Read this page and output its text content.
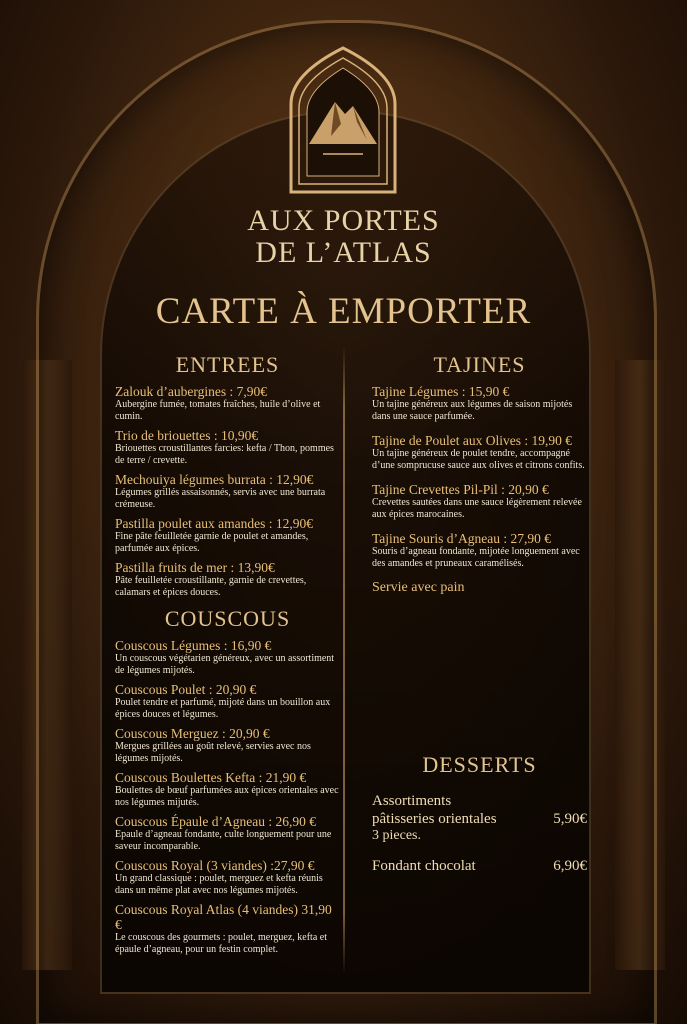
AUX PORTES
DE L’ATLAS
CARTE À EMPORTER
ENTREES
Zalouk d’aubergines : 7,90€
Aubergine fumée, tomates fraîches, huile d’olive et cumin.
Trio de briouettes : 10,90€
Briouettes croustillantes farcies: kefta / Thon, pommes de terre / crevette.
Mechouiya légumes burrata : 12,90€
Légumes grillés assaisonnés, servis avec une burrata crémeuse.
Pastilla poulet aux amandes : 12,90€
Fine pâte feuilletée garnie de poulet et amandes, parfumée aux épices.
Pastilla fruits de mer : 13,90€
Pâte feuilletée croustillante, garnie de crevettes, calamars et épices douces.
COUSCOUS
Couscous Légumes : 16,90 €
Un couscous végétarien généreux, avec un assortiment de légumes mijotés.
Couscous Poulet : 20,90 €
Poulet tendre et parfumé, mijoté dans un bouillon aux épices douces et légumes.
Couscous Merguez : 20,90 €
Mergues grillées au goût relevé, servies avec nos légumes mijotés.
Couscous Boulettes Kefta : 21,90 €
Boulettes de bœuf parfumées aux épices orientales avec nos légumes mijutés.
Couscous Épaule d’Agneau : 26,90 €
Epaule d’agneau fondante, culte longuement pour une saveur incomparable.
Couscous Royal (3 viandes) :27,90 €
Un grand classique : poulet, merguez et kefta réunis dans un même plat avec nos légumes mijotés.
Couscous Royal Atlas (4 viandes) 31,90 €
Le couscous des gourmets : poulet, merguez, kefta et épaule d’agneau, pour un festin complet.
TAJINES
Tajine Légumes : 15,90 €
Un tajine généreux aux légumes de saison mijotés dans une sauce parfumée.
Tajine de Poulet aux Olives : 19,90 €
Un tajine généreux de poulet tendre, accompagné d’une sompruсuse sauce aux olives et citrons confits.
Tajine Crevettes Pil-Pil : 20,90 €
Crevettes sautées dans une sauce légèrement relevée aux épices marocaines.
Tajine Souris d’Agneau : 27,90 €
Souris d’agneau fondante, mijotée longuement avec des amandes et pruneaux caramélisés.
Servie avec pain
DESSERTS
Assortiments
pâtisseries orientales	5,90€
3 pieces.
Fondant chocolat	6,90€
